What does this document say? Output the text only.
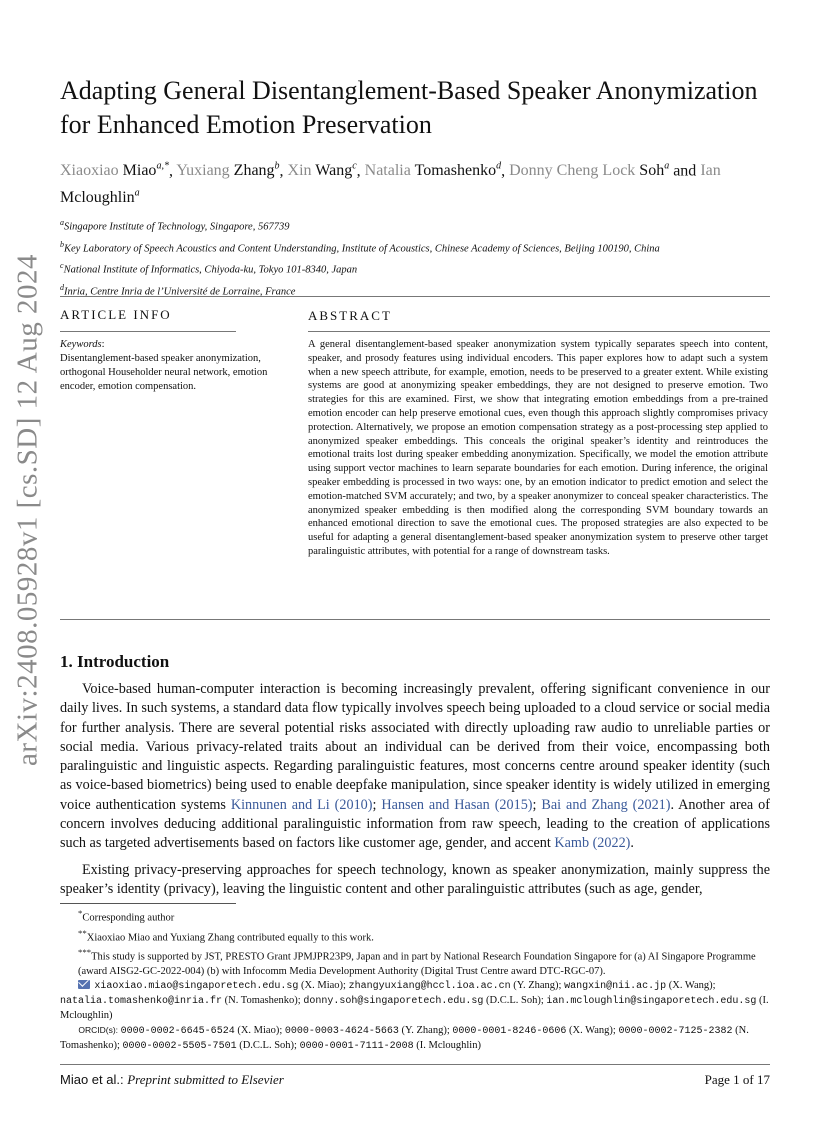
arXiv:2408.05928v1 [cs.SD] 12 Aug 2024
Adapting General Disentanglement-Based Speaker Anonymization
for Enhanced Emotion Preservation
Xiaoxiao Miao$^{a,*}$, Yuxiang Zhang$^b$, Xin Wang$^c$, Natalia Tomashenko$^d$, Donny Cheng Lock Soh$^a$ and Ian Mcloughlin$^a$
$^a$Singapore Institute of Technology, Singapore, 567739
$^b$Key Laboratory of Speech Acoustics and Content Understanding, Institute of Acoustics, Chinese Academy of Sciences, Beijing 100190, China
$^c$National Institute of Informatics, Chiyoda-ku, Tokyo 101-8340, Japan
$^d$Inria, Centre Inria de l’Université de Lorraine, France
ARTICLE INFO	ABSTRACT
Keywords:
Disentanglement-based speaker anonymization, orthogonal Householder neural network, emotion encoder, emotion compensation.

A general disentanglement-based speaker anonymization system typically separates speech into content, speaker, and prosody features using individual encoders. This paper explores how to adapt such a system when a new speech attribute, for example, emotion, needs to be preserved to a greater extent. While existing systems are good at anonymizing speaker embeddings, they are not designed to preserve emotion. Two strategies for this are examined. First, we show that integrating emotion embeddings from a pre-trained emotion encoder can help preserve emotional cues, even though this approach slightly compromises privacy protection. Alternatively, we propose an emotion compensation strategy as a post-processing step applied to anonymized speaker embeddings. This conceals the original speaker’s identity and reintroduces the emotional traits lost during speaker embedding anonymization. Specifically, we model the emotion attribute using support vector machines to learn separate boundaries for each emotion. During inference, the original speaker embedding is processed in two ways: one, by an emotion indicator to predict emotion and select the emotion-matched SVM accurately; and two, by a speaker anonymizer to conceal speaker characteristics. The anonymized speaker embedding is then modified along the corresponding SVM boundary towards an enhanced emotional direction to save the emotional cues. The proposed strategies are also expected to be useful for adapting a general disentanglement-based speaker anonymization system to preserve other target paralinguistic attributes, with potential for a range of downstream tasks.

1. Introduction

Voice-based human-computer interaction is becoming increasingly prevalent, offering significant convenience in our daily lives. In such systems, a standard data flow typically involves speech being uploaded to a cloud service or social media for further analysis. There are several potential risks associated with directly uploading raw audio to unreliable parties or social media. Various privacy-related traits about an individual can be derived from their voice, encompassing both paralinguistic and linguistic aspects. Regarding paralinguistic features, most concerns centre around speaker identity (such as voice-based biometrics) being used to enable deepfake manipulation, since speaker identity is widely utilized in emerging voice authentication systems Kinnunen and Li (2010); Hansen and Hasan (2015); Bai and Zhang (2021). Another area of concern involves deducing additional paralinguistic information from raw speech, leading to the creation of applications such as targeted advertisements based on factors like customer age, gender, and accent Kamb (2022).

Existing privacy-preserving approaches for speech technology, known as speaker anonymization, mainly suppress the speaker’s identity (privacy), leaving the linguistic content and other paralinguistic attributes (such as age, gender,

*Corresponding author

**Xiaoxiao Miao and Yuxiang Zhang contributed equally to this work.

***This study is supported by JST, PRESTO Grant JPMJPR23P9, Japan and in part by National Research Foundation Singapore for (a) AI Singapore Programme (award AISG2-GC-2022-004) (b) with Infocomm Media Development Authority (Digital Trust Centre award DTC-RGC-07).

xiaoxiao.miao@singaporetech.edu.sg (X. Miao); zhangyuxiang@hccl.ioa.ac.cn (Y. Zhang); wangxin@nii.ac.jp (X. Wang); natalia.tomashenko@inria.fr (N. Tomashenko); donny.soh@singaporetech.edu.sg (D.C.L. Soh); ian.mcloughlin@singaporetech.edu.sg (I. Mcloughlin)

ORCID(s): 0000-0002-6645-6524 (X. Miao); 0000-0003-4624-5663 (Y. Zhang); 0000-0001-8246-0606 (X. Wang); 0000-0002-7125-2382 (N. Tomashenko); 0000-0002-5505-7501 (D.C.L. Soh); 0000-0001-7111-2008 (I. Mcloughlin)

Miao et al.: Preprint submitted to Elsevier	Page 1 of 17
